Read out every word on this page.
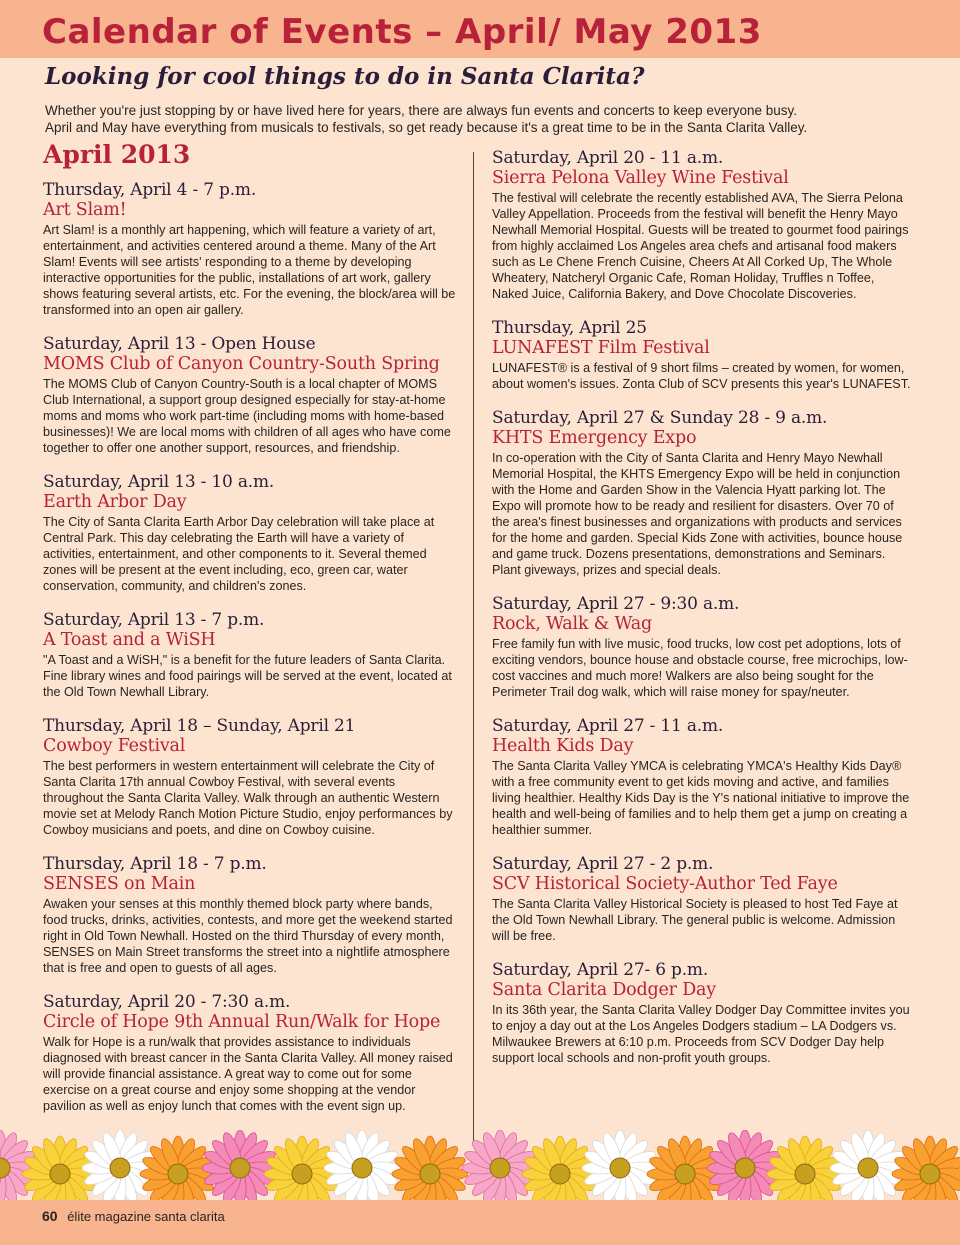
Calendar of Events – April/ May 2013
Looking for cool things to do in Santa Clarita?

Whether you're just stopping by or have lived here for years, there are always fun events and concerts to keep everyone busy.

April and May have everything from musicals to festivals, so get ready because it's a great time to be in the Santa Clarita Valley.

April 2013
Thursday, April 4 - 7 p.m.
Art Slam!

Art Slam! is a monthly art happening, which will feature a variety of art, entertainment, and activities centered around a theme. Many of the Art Slam! Events will see artists' responding to a theme by developing interactive opportunities for the public, installations of art work, gallery shows featuring several artists, etc. For the evening, the block/area will be transformed into an open air gallery.

Saturday, April 13 - Open House
MOMS Club of Canyon Country-South Spring

The MOMS Club of Canyon Country-South is a local chapter of MOMS Club International, a support group designed especially for stay-at-home moms and moms who work part-time (including moms with home-based businesses)! We are local moms with children of all ages who have come together to offer one another support, resources, and friendship.

Saturday, April 13 - 10 a.m.
Earth Arbor Day

The City of Santa Clarita Earth Arbor Day celebration will take place at Central Park. This day celebrating the Earth will have a variety of activities, entertainment, and other components to it. Several themed zones will be present at the event including, eco, green car, water conservation, community, and children's zones.

Saturday, April 13 - 7 p.m.
A Toast and a WiSH

"A Toast and a WiSH," is a benefit for the future leaders of Santa Clarita. Fine library wines and food pairings will be served at the event, located at the Old Town Newhall Library.

Thursday, April 18 – Sunday, April 21
Cowboy Festival

The best performers in western entertainment will celebrate the City of Santa Clarita 17th annual Cowboy Festival, with several events throughout the Santa Clarita Valley. Walk through an authentic Western movie set at Melody Ranch Motion Picture Studio, enjoy performances by Cowboy musicians and poets, and dine on Cowboy cuisine.

Thursday, April 18 - 7 p.m.
SENSES on Main

Awaken your senses at this monthly themed block party where bands, food trucks, drinks, activities, contests, and more get the weekend started right in Old Town Newhall. Hosted on the third Thursday of every month, SENSES on Main Street transforms the street into a nightlife atmosphere that is free and open to guests of all ages.

Saturday, April 20 - 7:30 a.m.
Circle of Hope 9th Annual Run/Walk for Hope

Walk for Hope is a run/walk that provides assistance to individuals diagnosed with breast cancer in the Santa Clarita Valley. All money raised will provide financial assistance. A great way to come out for some exercise on a great course and enjoy some shopping at the vendor pavilion as well as enjoy lunch that comes with the event sign up.

Saturday, April 20 - 11 a.m.
Sierra Pelona Valley Wine Festival

The festival will celebrate the recently established AVA, The Sierra Pelona Valley Appellation. Proceeds from the festival will benefit the Henry Mayo Newhall Memorial Hospital. Guests will be treated to gourmet food pairings from highly acclaimed Los Angeles area chefs and artisanal food makers such as Le Chene French Cuisine, Cheers At All Corked Up, The Whole Wheatery, Natcheryl Organic Cafe, Roman Holiday, Truffles n Toffee, Naked Juice, California Bakery, and Dove Chocolate Discoveries.

Thursday, April 25
LUNAFEST Film Festival

LUNAFEST® is a festival of 9 short films – created by women, for women, about women's issues. Zonta Club of SCV presents this year's LUNAFEST.

Saturday, April 27 & Sunday 28 - 9 a.m.
KHTS Emergency Expo

In co-operation with the City of Santa Clarita and Henry Mayo Newhall Memorial Hospital, the KHTS Emergency Expo will be held in conjunction with the Home and Garden Show in the Valencia Hyatt parking lot. The Expo will promote how to be ready and resilient for disasters. Over 70 of the area's finest businesses and organizations with products and services for the home and garden. Special Kids Zone with activities, bounce house and game truck. Dozens presentations, demonstrations and Seminars. Plant giveways, prizes and special deals.

Saturday, April 27 - 9:30 a.m.
Rock, Walk & Wag

Free family fun with live music, food trucks, low cost pet adoptions, lots of exciting vendors, bounce house and obstacle course, free microchips, low-cost vaccines and much more! Walkers are also being sought for the Perimeter Trail dog walk, which will raise money for spay/neuter.

Saturday, April 27 - 11 a.m.
Health Kids Day

The Santa Clarita Valley YMCA is celebrating YMCA's Healthy Kids Day® with a free community event to get kids moving and active, and families living healthier. Healthy Kids Day is the Y's national initiative to improve the health and well-being of families and to help them get a jump on creating a healthier summer.

Saturday, April 27 - 2 p.m.
SCV Historical Society-Author Ted Faye

The Santa Clarita Valley Historical Society is pleased to host Ted Faye at the Old Town Newhall Library. The general public is welcome. Admission will be free.

Saturday, April 27- 6 p.m.
Santa Clarita Dodger Day

In its 36th year, the Santa Clarita Valley Dodger Day Committee invites you to enjoy a day out at the Los Angeles Dodgers stadium – LA Dodgers vs. Milwaukee Brewers at 6:10 p.m. Proceeds from SCV Dodger Day help support local schools and non-profit youth groups.

60 élite magazine santa clarita
